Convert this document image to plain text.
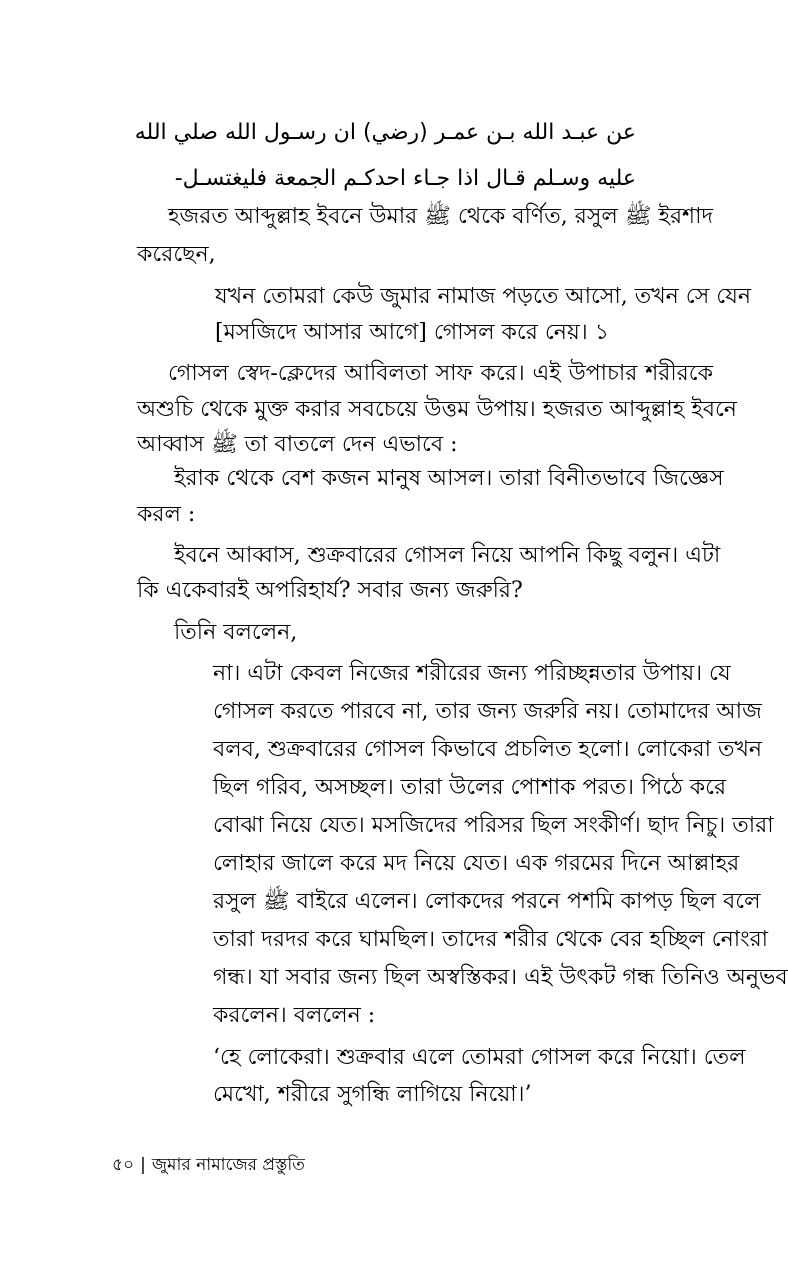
عن عبـد الله بـن عمـر (رضي) ان رسـول الله صلي الله
عليه وسـلم قـال اذا جـاء احدكـم الجمعة فليغتسـل-
হজরত আব্দুল্লাহ ইবনে উমার ﷺ থেকে বর্ণিত, রসুল ﷺ ইরশাদ
করেছেন,
যখন তোমরা কেউ জুমার নামাজ পড়তে আসো, তখন সে যেন
[মসজিদে আসার আগে] গোসল করে নেয়। ১
গোসল স্বেদ-ক্লেদের আবিলতা সাফ করে। এই উপাচার শরীরকে
অশুচি থেকে মুক্ত করার সবচেয়ে উত্তম উপায়। হজরত আব্দুল্লাহ ইবনে
আব্বাস ﷺ তা বাতলে দেন এভাবে :
ইরাক থেকে বেশ কজন মানুষ আসল। তারা বিনীতভাবে জিজ্ঞেস
করল :
ইবনে আব্বাস, শুক্রবারের গোসল নিয়ে আপনি কিছু বলুন। এটা
কি একেবারই অপরিহার্য? সবার জন্য জরুরি?
তিনি বললেন,
না। এটা কেবল নিজের শরীরের জন্য পরিচ্ছন্নতার উপায়। যে
গোসল করতে পারবে না, তার জন্য জরুরি নয়। তোমাদের আজ
বলব, শুক্রবারের গোসল কিভাবে প্রচলিত হলো। লোকেরা তখন
ছিল গরিব, অসচ্ছল। তারা উলের পোশাক পরত। পিঠে করে
বোঝা নিয়ে যেত। মসজিদের পরিসর ছিল সংকীর্ণ। ছাদ নিচু। তারা
লোহার জালে করে মদ নিয়ে যেত। এক গরমের দিনে আল্লাহর
রসুল ﷺ বাইরে এলেন। লোকদের পরনে পশমি কাপড় ছিল বলে
তারা দরদর করে ঘামছিল। তাদের শরীর থেকে বের হচ্ছিল নোংরা
গন্ধ। যা সবার জন্য ছিল অস্বস্তিকর। এই উৎকট গন্ধ তিনিও অনুভব
করলেন। বললেন :
‘হে লোকেরা। শুক্রবার এলে তোমরা গোসল করে নিয়ো। তেল
মেখো, শরীরে সুগন্ধি লাগিয়ে নিয়ো।’
৫০ | জুমার নামাজের প্রস্তুতি
